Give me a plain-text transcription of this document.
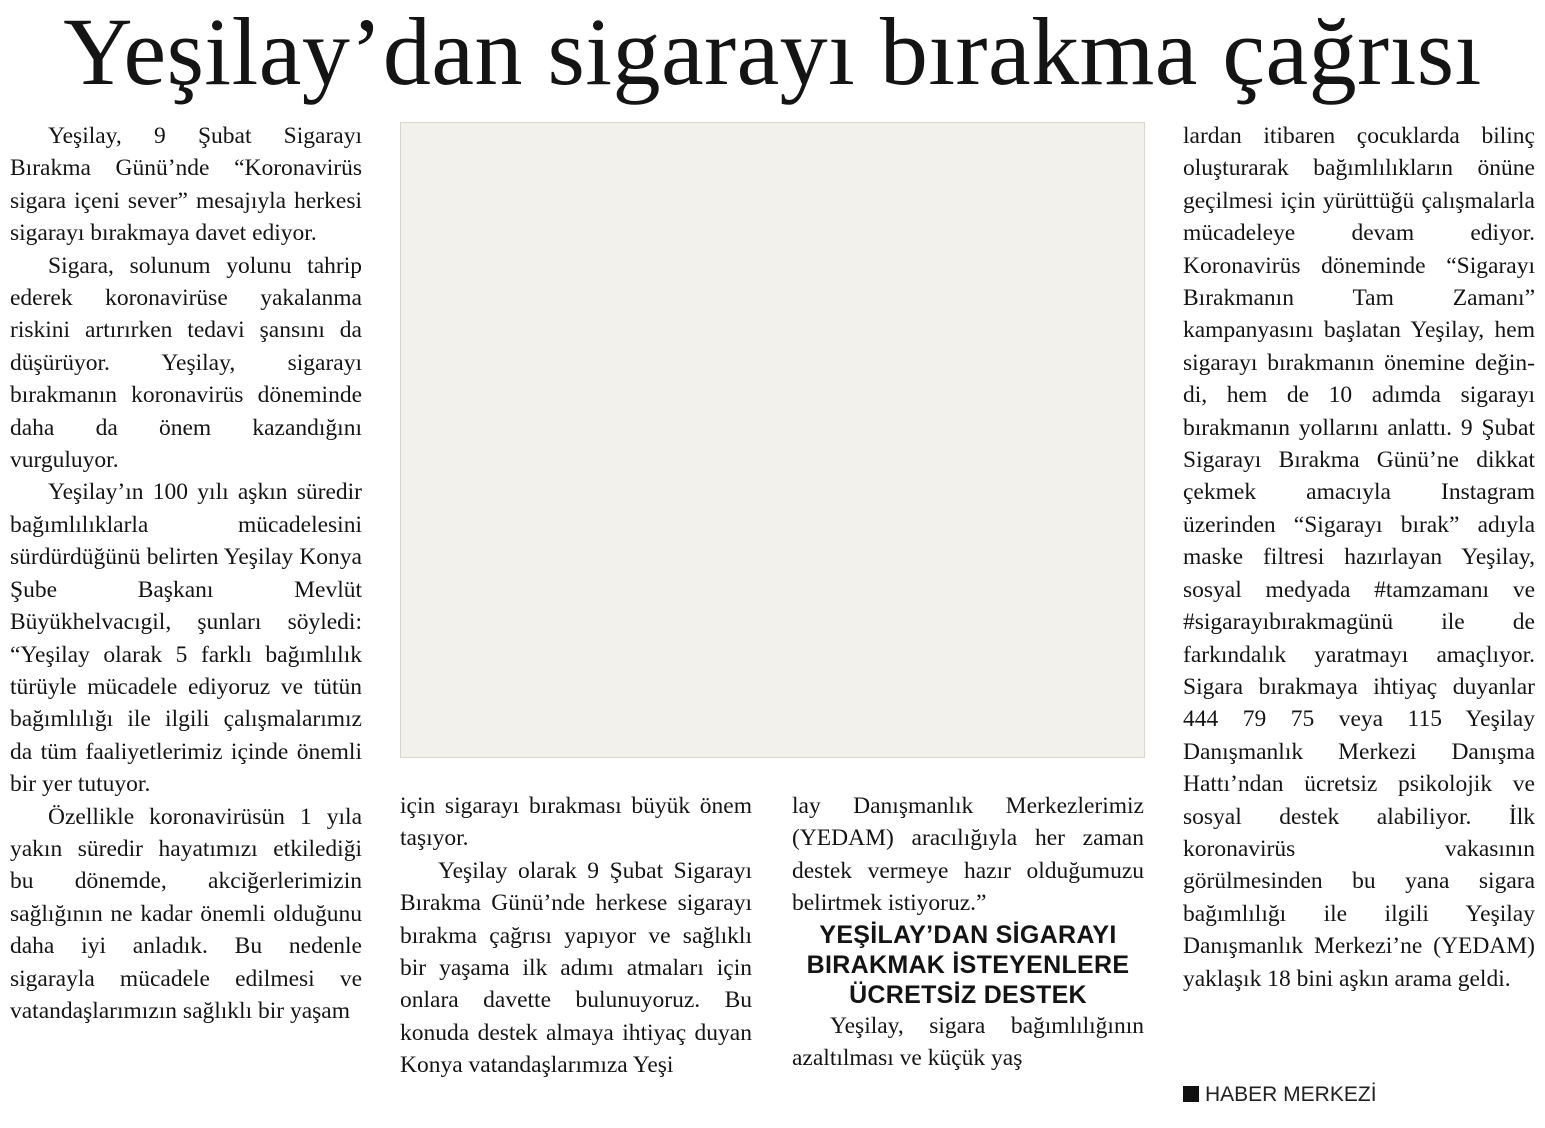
Yeşilay’dan sigarayı bırakma çağrısı

Yeşilay, 9 Şubat Sigarayı Bırakma Günü’nde “Koronavirüs sigara içeni sever” mesajıyla herkesi sigarayı bırakmaya davet ediyor.

Sigara, solunum yolunu tahrip ederek koronavirüse yakalanma riskini artırırken tedavi şansını da düşürüyor. Yeşilay, sigarayı bırakmanın koronavirüs döneminde daha da önem kazandığını vurguluyor.

Yeşilay’ın 100 yılı aşkın süredir bağımlılıklarla mücadelesini sürdürdüğünü belirten Yeşilay Konya Şube Başkanı Mevlüt Büyükhelvacıgil, şunları söyledi: “Yeşilay olarak 5 farklı bağımlılık türüyle mücadele ediyoruz ve tütün bağımlılığı ile ilgili çalışmalarımız da tüm faaliyetlerimiz içinde önemli bir yer tutuyor.

Özellikle koronavirüsün 1 yıla yakın süredir hayatımızı etkilediği bu dönemde, akciğerlerimizin sağlığının ne kadar önemli olduğunu daha iyi anladık. Bu nedenle sigarayla mücadele edilmesi ve vatandaşlarımızın sağlıklı bir yaşam

için sigarayı bırakması büyük önem taşıyor.

Yeşilay olarak 9 Şubat Sigarayı Bırakma Günü’nde herkese sigarayı bırakma çağrısı yapıyor ve sağlıklı bir yaşama ilk adımı atmaları için onlara davette bulunuyoruz. Bu konuda destek almaya ihtiyaç duyan Konya vatandaşlarımıza Yeşi

lay Danışmanlık Merkezlerimiz (YEDAM) aracılığıyla her zaman destek vermeye hazır olduğumuzu belirtmek istiyoruz.”

YEŞİLAY’DAN SİGARAYI BIRAKMAK İSTEYENLERE ÜCRETSİZ DESTEK

Yeşilay, sigara bağımlılığının azaltılması ve küçük yaş

lardan itibaren çocuklarda bilinç oluşturarak bağımlılıkların önüne geçilmesi için yürüttüğü çalışmalarla mücadeleye devam ediyor. Koronavirüs döneminde “Sigarayı Bırakmanın Tam Zamanı” kampanyasını başlatan Yeşilay, hem sigarayı bırakmanın önemine değindi, hem de 10 adımda sigarayı bırakmanın yollarını anlattı. 9 Şubat Sigarayı Bırakma Günü’ne dikkat çekmek amacıyla Instagram üzerinden “Sigarayı bırak” adıyla maske filtresi hazırlayan Yeşilay, sosyal medyada #tamzamanı ve #sigarayıbırakmagünü ile de farkındalık yaratmayı amaçlıyor. Sigara bırakmaya ihtiyaç duyanlar 444 79 75 veya 115 Yeşilay Danışmanlık Merkezi Danışma Hattı’ndan ücretsiz psikolojik ve sosyal destek alabiliyor. İlk koronavirüs vakasının görülmesinden bu yana sigara bağımlılığı ile ilgili Yeşilay Danışmanlık Merkezi’ne (YEDAM) yaklaşık 18 bini aşkın arama geldi.

HABER MERKEZİ
